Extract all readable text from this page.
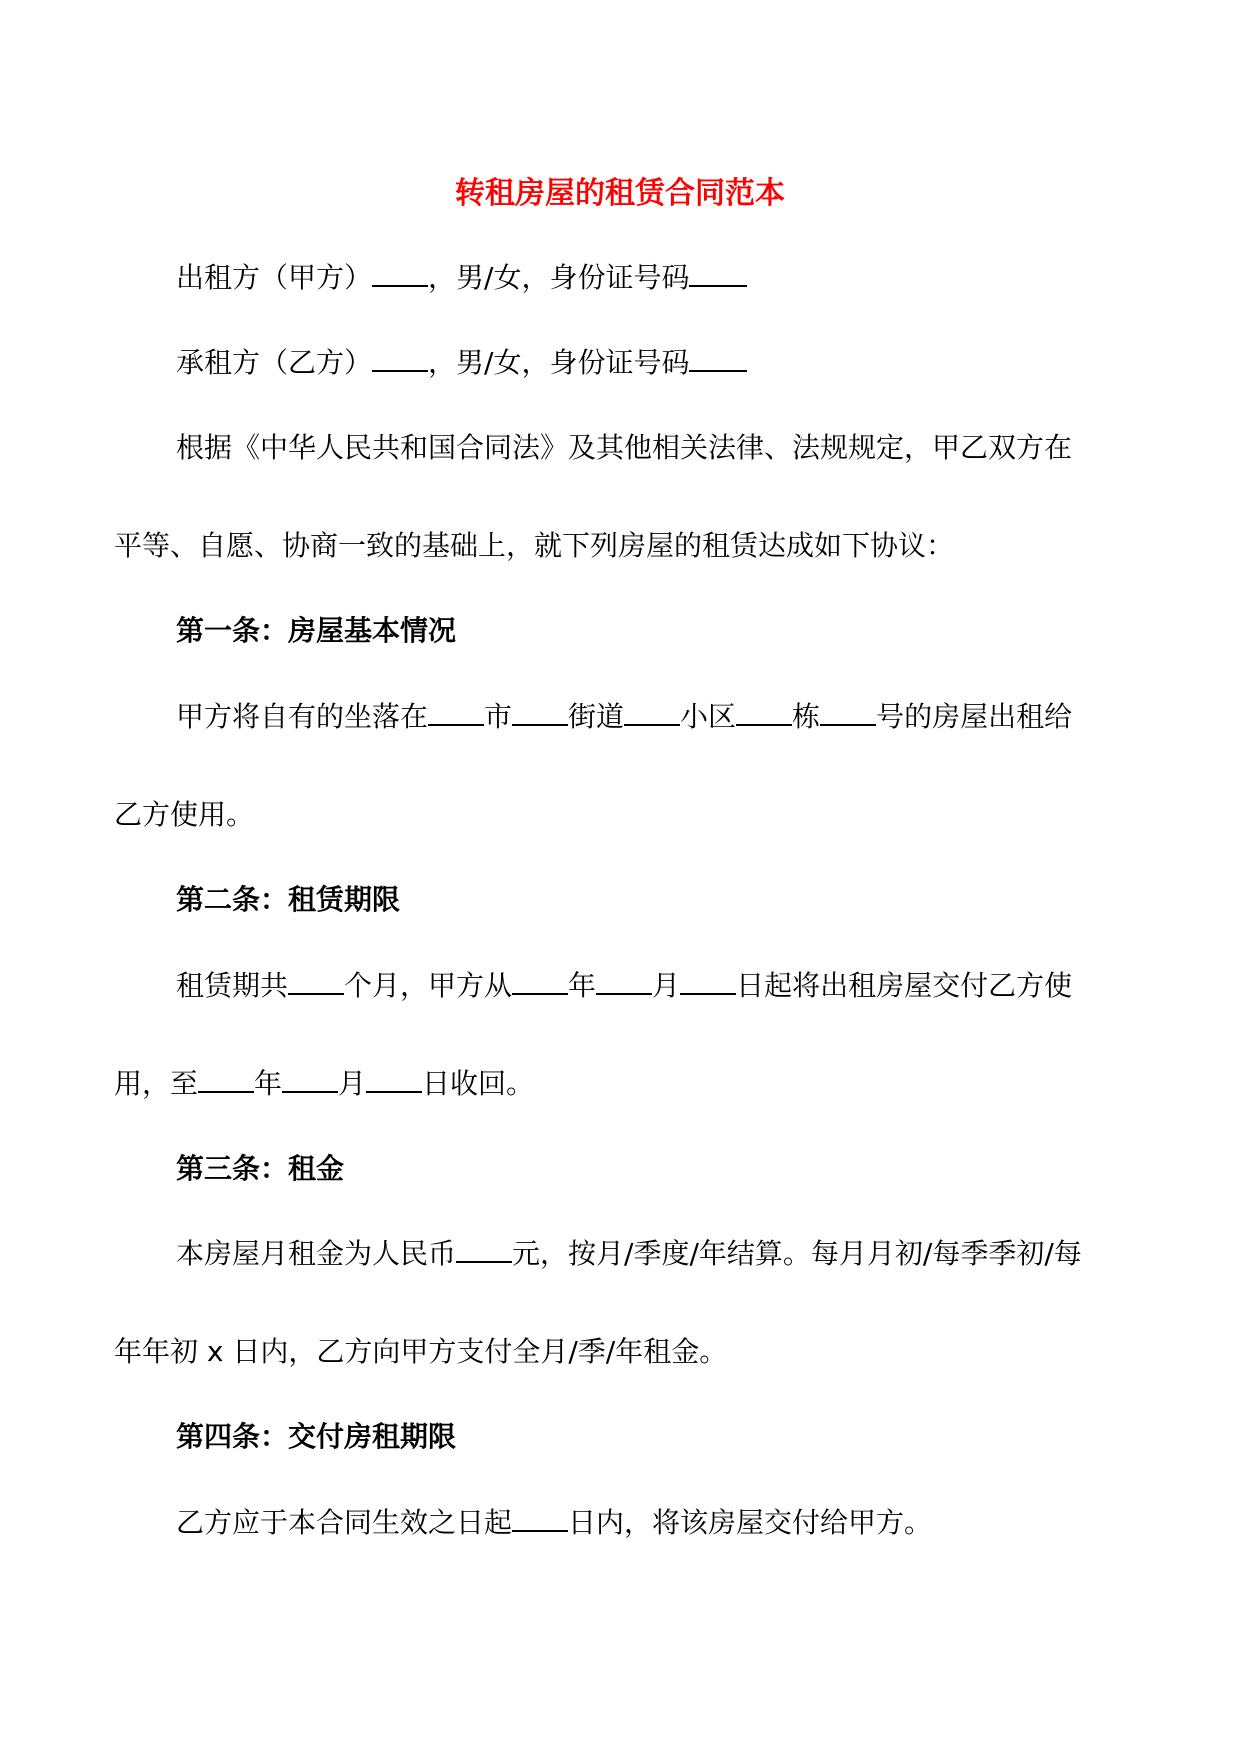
转租房屋的租赁合同范本

出租方（甲方） ，男/女，身份证号码

承租方（乙方） ，男/女，身份证号码

根据《中华人民共和国合同法》及其他相关法律、法规规定，甲乙双方在

平等、自愿、协商一致的基础上，就下列房屋的租赁达成如下协议：

第一条：房屋基本情况

甲方将自有的坐落在 市 街道 小区 栋 号的房屋出租给

乙方使用。

第二条：租赁期限

租赁期共 个月，甲方从 年 月 日起将出租房屋交付乙方使

用，至 年 月 日收回。

第三条：租金

本房屋月租金为人民币 元，按月/季度/年结算。每月月初/每季季初/每

年年初 x 日内，乙方向甲方支付全月/季/年租金。

第四条：交付房租期限

乙方应于本合同生效之日起 日内，将该房屋交付给甲方。
